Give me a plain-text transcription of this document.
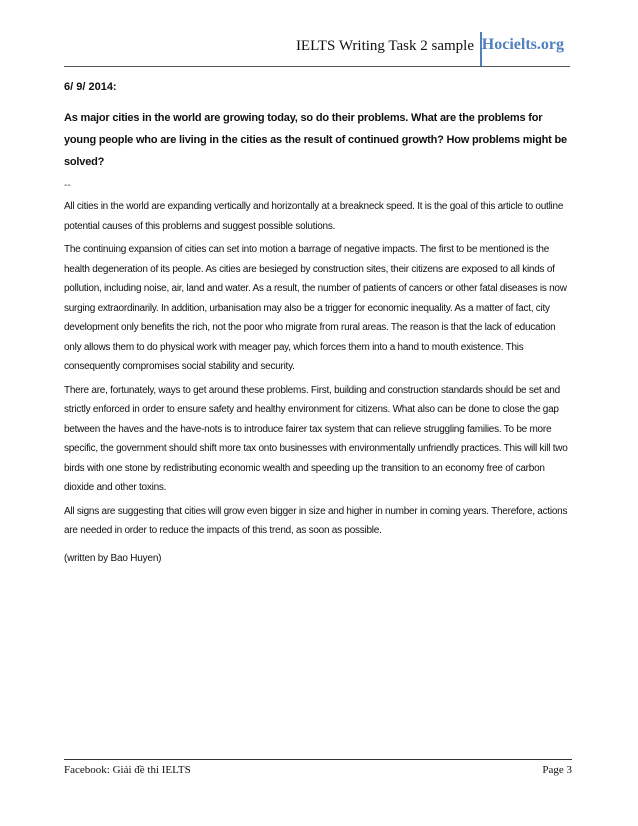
IELTS Writing Task 2 sample Hocielts.org

6/ 9/ 2014:

As major cities in the world are growing today, so do their problems. What are the problems for young people who are living in the cities as the result of continued growth? How problems might be solved?

--

All cities in the world are expanding vertically and horizontally at a breakneck speed. It is the goal of this article to outline potential causes of this problems and suggest possible solutions.

The continuing expansion of cities can set into motion a barrage of negative impacts. The first to be mentioned is the health degeneration of its people. As cities are besieged by construction sites, their citizens are exposed to all kinds of pollution, including noise, air, land and water. As a result, the number of patients of cancers or other fatal diseases is now surging extraordinarily. In addition, urbanisation may also be a trigger for economic inequality. As a matter of fact, city development only benefits the rich, not the poor who migrate from rural areas. The reason is that the lack of education only allows them to do physical work with meager pay, which forces them into a hand to mouth existence. This consequently compromises social stability and security.

There are, fortunately, ways to get around these problems. First, building and construction standards should be set and strictly enforced in order to ensure safety and healthy environment for citizens. What also can be done to close the gap between the haves and the have-nots is to introduce fairer tax system that can relieve struggling families. To be more specific, the government should shift more tax onto businesses with environmentally unfriendly practices. This will kill two birds with one stone by redistributing economic wealth and speeding up the transition to an economy free of carbon dioxide and other toxins.

All signs are suggesting that cities will grow even bigger in size and higher in number in coming years. Therefore, actions are needed in order to reduce the impacts of this trend, as soon as possible.

(written by Bao Huyen)

Facebook: Giải đề thi IELTS	Page 3
